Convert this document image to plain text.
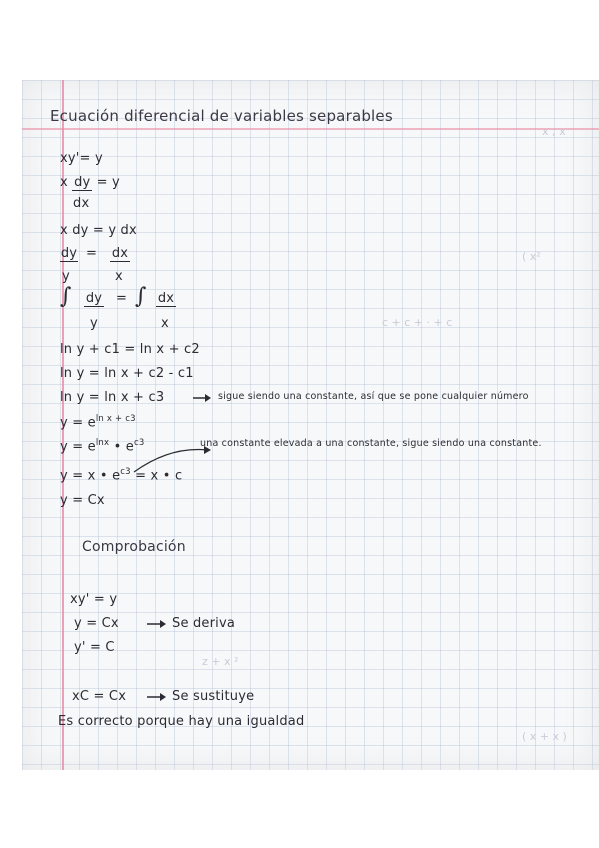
x ; x
( x²
c + c + · + c
z + x ²
( x + x )
Ecuación diferencial de variables separables
xy'= y
x dy = y
dx
x dy = y dx
dy = dx
y	x
∫ dy
y
= ∫ dx
x
ln y + c1 = ln x + c2
ln y = ln x + c2 - c1
ln y = ln x + c3	sigue siendo una constante, así que se pone cualquier número
y = e$^{ln x + c3}$
$y = e^{lnx}$ • $e^{c3}$	una constante elevada a una constante, sigue siendo una constante.
y = x • $e^{c3} = x$ • c
y = Cx
Comprobación
xy' = y
y = Cx	Se deriva
y' = C
xC = Cx	Se sustituye
Es correcto porque hay una igualdad
